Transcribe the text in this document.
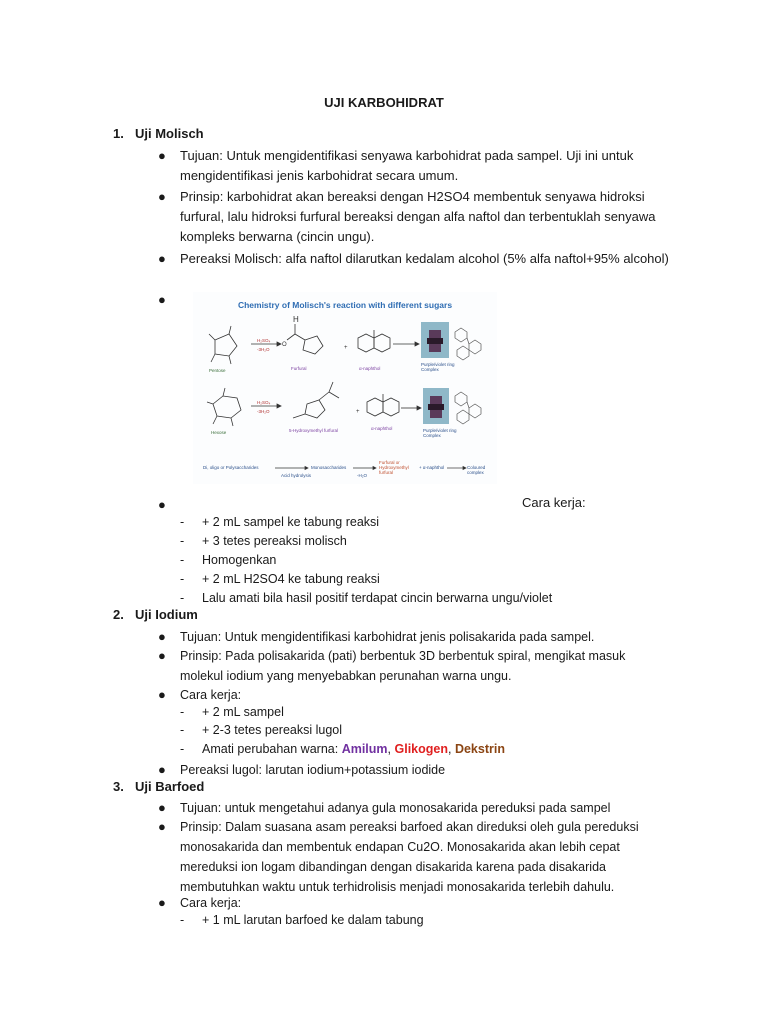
UJI KARBOHIDRAT
1. Uji Molisch
● Tujuan: Untuk mengidentifikasi senyawa karbohidrat pada sampel. Uji ini untuk mengidentifikasi jenis karbohidrat secara umum.
● Prinsip: karbohidrat akan bereaksi dengan H2SO4 membentuk senyawa hidroksi furfural, lalu hidroksi furfural bereaksi dengan alfa naftol dan terbentuklah senyawa kompleks berwarna (cincin ungu).
● Pereaksi Molisch: alfa naftol dilarutkan kedalam alcohol (5% alfa naftol+95% alcohol)
●	Chemistry of Molisch's reaction with different sugars
H
O	+
+
Pentose	Furfural	α-naphthol
Purple/violet ring Complex
H₂SO₄
-3H₂O
Hexose	5-Hydroxymethyl furfural	α-naphthol	Purple/violet ring Complex
H₂SO₄
-3H₂O
Di, oligo or Polysaccharides
Acid hydrolysis
Monosaccharides
Furfural or Hydroxymethyl furfural
+ α-naphthol	Coloured complex
-H₂O
●	Cara kerja:
- + 2 mL sampel ke tabung reaksi
- + 3 tetes pereaksi molisch
- Homogenkan
- + 2 mL H2SO4 ke tabung reaksi
- Lalu amati bila hasil positif terdapat cincin berwarna ungu/violet
2. Uji Iodium
● Tujuan: Untuk mengidentifikasi karbohidrat jenis polisakarida pada sampel.
● Prinsip: Pada polisakarida (pati) berbentuk 3D berbentuk spiral, mengikat masuk molekul iodium yang menyebabkan perunahan warna ungu.
● Cara kerja:
- + 2 mL sampel
- + 2-3 tetes pereaksi lugol
- Amati perubahan warna: Amilum, Glikogen, Dekstrin
● Pereaksi lugol: larutan iodium+potassium iodide
3. Uji Barfoed
● Tujuan: untuk mengetahui adanya gula monosakarida pereduksi pada sampel
● Prinsip: Dalam suasana asam pereaksi barfoed akan direduksi oleh gula pereduksi monosakarida dan membentuk endapan Cu2O. Monosakarida akan lebih cepat mereduksi ion logam dibandingan dengan disakarida karena pada disakarida membutuhkan waktu untuk terhidrolisis menjadi monosakarida terlebih dahulu.
● Cara kerja:
- + 1 mL larutan barfoed ke dalam tabung
